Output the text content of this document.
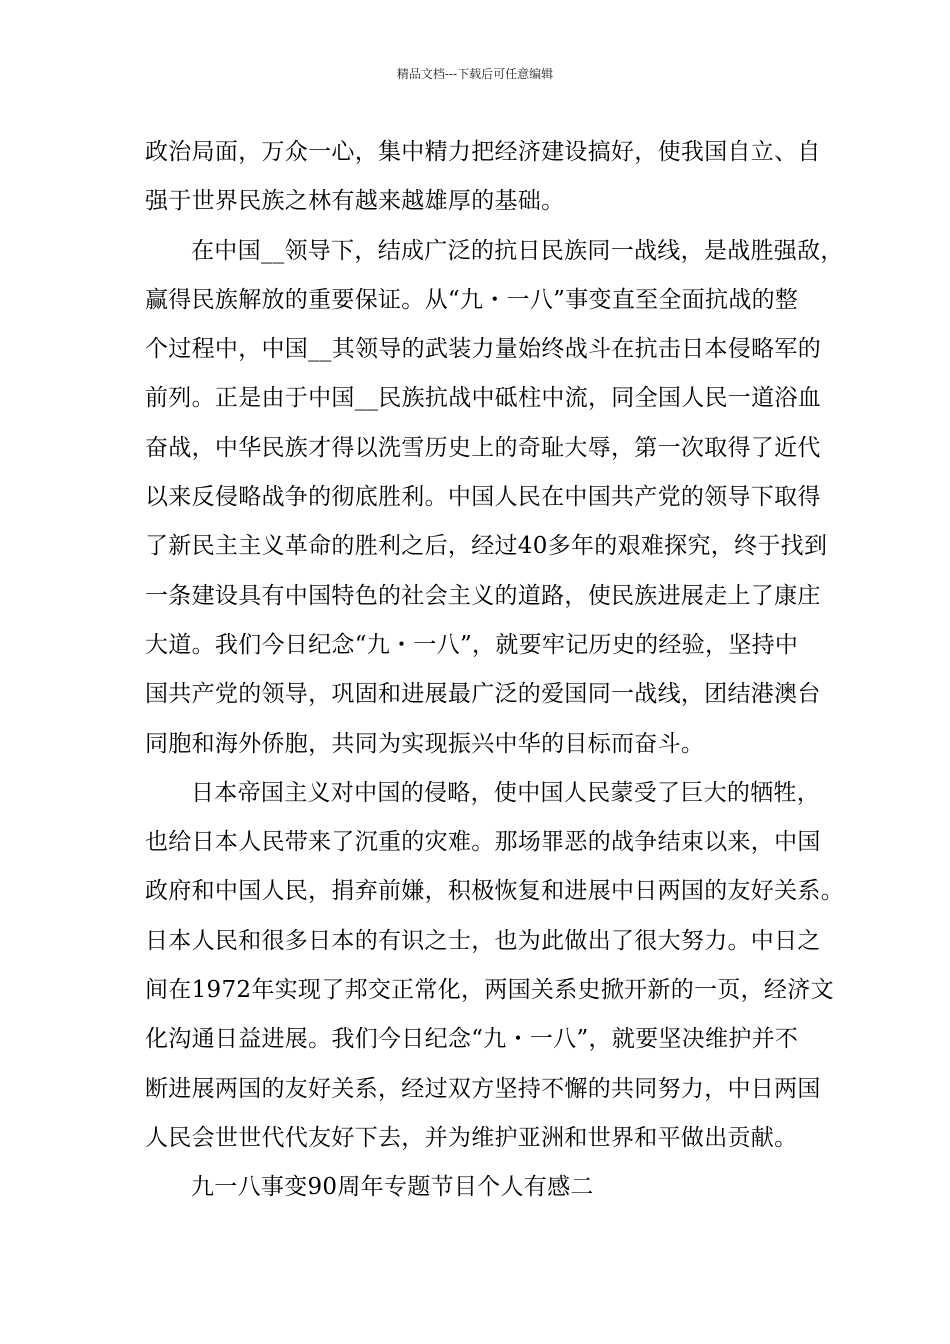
精品文档---下载后可任意编辑
政治局面，万众一心，集中精力把经济建设搞好，使我国自立、自
强于世界民族之林有越来越雄厚的基础。
在中国__领导下，结成广泛的抗日民族同一战线，是战胜强敌，
赢得民族解放的重要保证。从“九・一八”事变直至全面抗战的整
个过程中，中国__其领导的武装力量始终战斗在抗击日本侵略军的
前列。正是由于中国__民族抗战中砥柱中流，同全国人民一道浴血
奋战，中华民族才得以洗雪历史上的奇耻大辱，第一次取得了近代
以来反侵略战争的彻底胜利。中国人民在中国共产党的领导下取得
了新民主主义革命的胜利之后，经过40多年的艰难探究，终于找到
一条建设具有中国特色的社会主义的道路，使民族进展走上了康庄
大道。我们今日纪念“九・一八”，就要牢记历史的经验，坚持中
国共产党的领导，巩固和进展最广泛的爱国同一战线，团结港澳台
同胞和海外侨胞，共同为实现振兴中华的目标而奋斗。
日本帝国主义对中国的侵略，使中国人民蒙受了巨大的牺牲，
也给日本人民带来了沉重的灾难。那场罪恶的战争结束以来，中国
政府和中国人民，捐弃前嫌，积极恢复和进展中日两国的友好关系。
日本人民和很多日本的有识之士，也为此做出了很大努力。中日之
间在1972年实现了邦交正常化，两国关系史掀开新的一页，经济文
化沟通日益进展。我们今日纪念“九・一八”，就要坚决维护并不
断进展两国的友好关系，经过双方坚持不懈的共同努力，中日两国
人民会世世代代友好下去，并为维护亚洲和世界和平做出贡献。
九一八事变90周年专题节目个人有感二
